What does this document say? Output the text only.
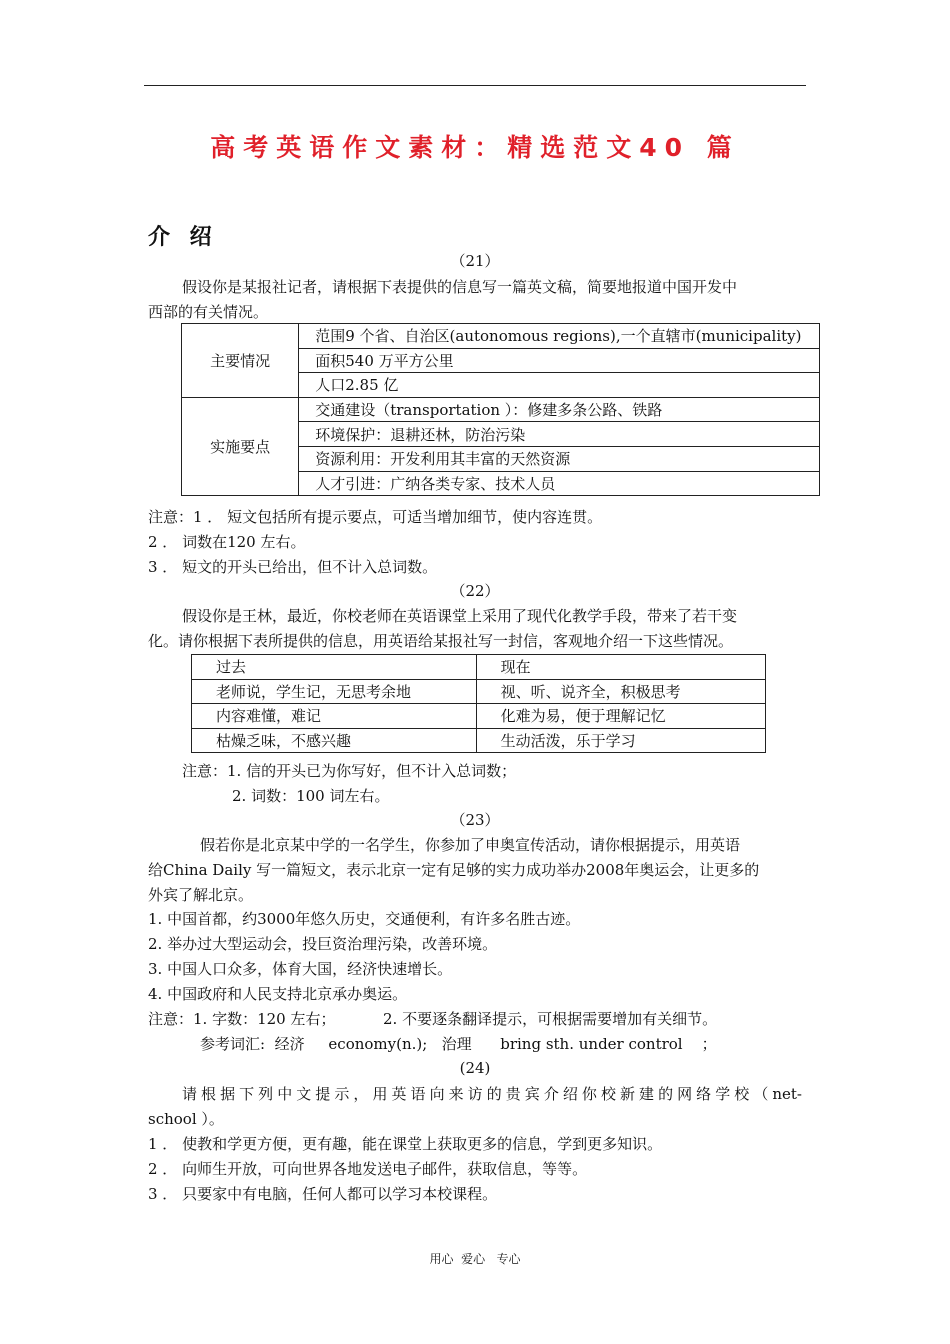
高考英语作文素材：精选范文40 篇
介 绍
（21）
假设你是某报社记者，请根据下表提供的信息写一篇英文稿，简要地报道中国开发中
西部的有关情况。
主要情况	范围9 个省、自治区(autonomous regions),一个直辖市(municipality)
	面积540 万平方公里
	人口2.85 亿
实施要点	交通建设（transportation ）：修建多条公路、铁路
	环境保护：退耕还林，防治污染
	资源利用：开发利用其丰富的天然资源
	人才引进：广纳各类专家、技术人员
注意：1 ． 短文包括所有提示要点，可适当增加细节，使内容连贯。
2 ． 词数在120 左右。
3 ． 短文的开头已给出，但不计入总词数。
（22）
假设你是王林，最近，你校老师在英语课堂上采用了现代化教学手段，带来了若干变
化。请你根据下表所提供的信息，用英语给某报社写一封信，客观地介绍一下这些情况。
过去	现在
老师说，学生记，无思考余地	视、听、说齐全，积极思考
内容难懂，难记	化难为易，便于理解记忆
枯燥乏味，不感兴趣	生动活泼，乐于学习
注意：1. 信的开头已为你写好，但不计入总词数；
2. 词数：100 词左右。
（23）
假若你是北京某中学的一名学生，你参加了申奥宣传活动，请你根据提示，用英语
给China Daily 写一篇短文，表示北京一定有足够的实力成功举办2008年奥运会，让更多的
外宾了解北京。
1. 中国首都，约3000年悠久历史，交通便利，有许多名胜古迹。
2. 举办过大型运动会，投巨资治理污染，改善环境。
3. 中国人口众多，体育大国，经济快速增长。
4. 中国政府和人民支持北京承办奥运。
注意：1. 字数：120 左右；	2. 不要逐条翻译提示，可根据需要增加有关细节。
参考词汇:  经济     economy(n.);   治理      bring sth. under control    ；
(24)
请根据下列中文提示，用英语向来访的贵宾介绍你校新建的网络学校（net-
school ）。
1 ． 使教和学更方便，更有趣，能在课堂上获取更多的信息，学到更多知识。
2 ． 向师生开放，可向世界各地发送电子邮件，获取信息，等等。
3 ． 只要家中有电脑，任何人都可以学习本校课程。
用心  爱心   专心
